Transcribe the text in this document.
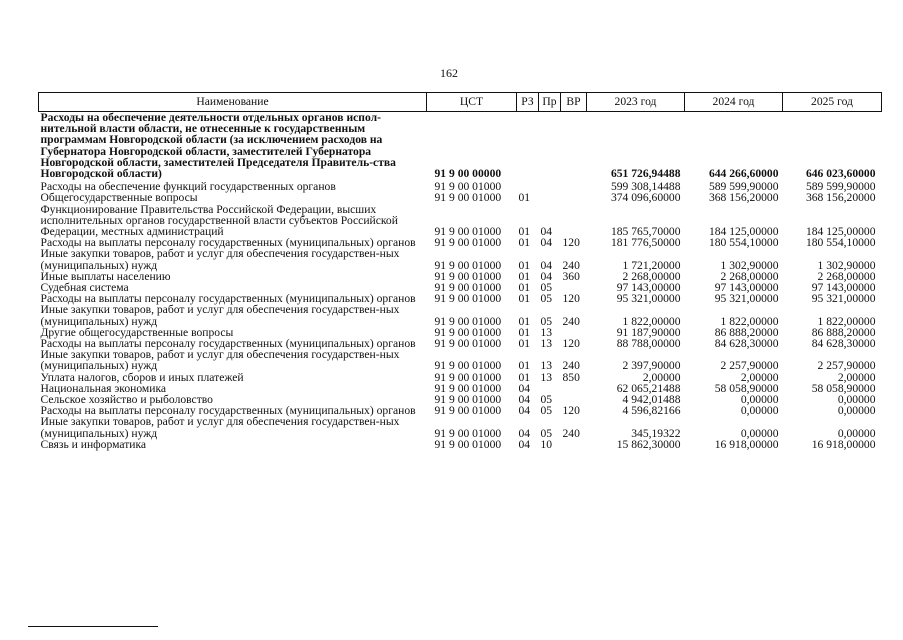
162
Наименование	ЦСТ	РЗ	Пр	ВР	2023 год	2024 год	2025 год
Расходы на обеспечение деятельности отдельных органов испол-нительной власти области, не отнесенные к государственным программам Новгородской области (за исключением расходов на Губернатора Новгородской области, заместителей Губернатора Новгородской области, заместителей Председателя Правитель-ства Новгородской области)	91 9 00 00000				651 726,94488	644 266,60000	646 023,60000
Расходы на обеспечение функций государственных органов	91 9 00 01000				599 308,14488	589 599,90000	589 599,90000
Общегосударственные вопросы	91 9 00 01000	01			374 096,60000	368 156,20000	368 156,20000
Функционирование Правительства Российской Федерации, высших исполнительных органов государственной власти субъектов Российской Федерации, местных администраций	91 9 00 01000	01	04		185 765,70000	184 125,00000	184 125,00000
Расходы на выплаты персоналу государственных (муниципальных) органов	91 9 00 01000	01	04	120	181 776,50000	180 554,10000	180 554,10000
Иные закупки товаров, работ и услуг для обеспечения государствен-ных (муниципальных) нужд	91 9 00 01000	01	04	240	1 721,20000	1 302,90000	1 302,90000
Иные выплаты населению	91 9 00 01000	01	04	360	2 268,00000	2 268,00000	2 268,00000
Судебная система	91 9 00 01000	01	05		97 143,00000	97 143,00000	97 143,00000
Расходы на выплаты персоналу государственных (муниципальных) органов	91 9 00 01000	01	05	120	95 321,00000	95 321,00000	95 321,00000
Иные закупки товаров, работ и услуг для обеспечения государствен-ных (муниципальных) нужд	91 9 00 01000	01	05	240	1 822,00000	1 822,00000	1 822,00000
Другие общегосударственные вопросы	91 9 00 01000	01	13		91 187,90000	86 888,20000	86 888,20000
Расходы на выплаты персоналу государственных (муниципальных) органов	91 9 00 01000	01	13	120	88 788,00000	84 628,30000	84 628,30000
Иные закупки товаров, работ и услуг для обеспечения государствен-ных (муниципальных) нужд	91 9 00 01000	01	13	240	2 397,90000	2 257,90000	2 257,90000
Уплата налогов, сборов и иных платежей	91 9 00 01000	01	13	850	2,00000	2,00000	2,00000
Национальная экономика	91 9 00 01000	04			62 065,21488	58 058,90000	58 058,90000
Сельское хозяйство и рыболовство	91 9 00 01000	04	05		4 942,01488	0,00000	0,00000
Расходы на выплаты персоналу государственных (муниципальных) органов	91 9 00 01000	04	05	120	4 596,82166	0,00000	0,00000
Иные закупки товаров, работ и услуг для обеспечения государствен-ных (муниципальных) нужд	91 9 00 01000	04	05	240	345,19322	0,00000	0,00000
Связь и информатика	91 9 00 01000	04	10		15 862,30000	16 918,00000	16 918,00000
